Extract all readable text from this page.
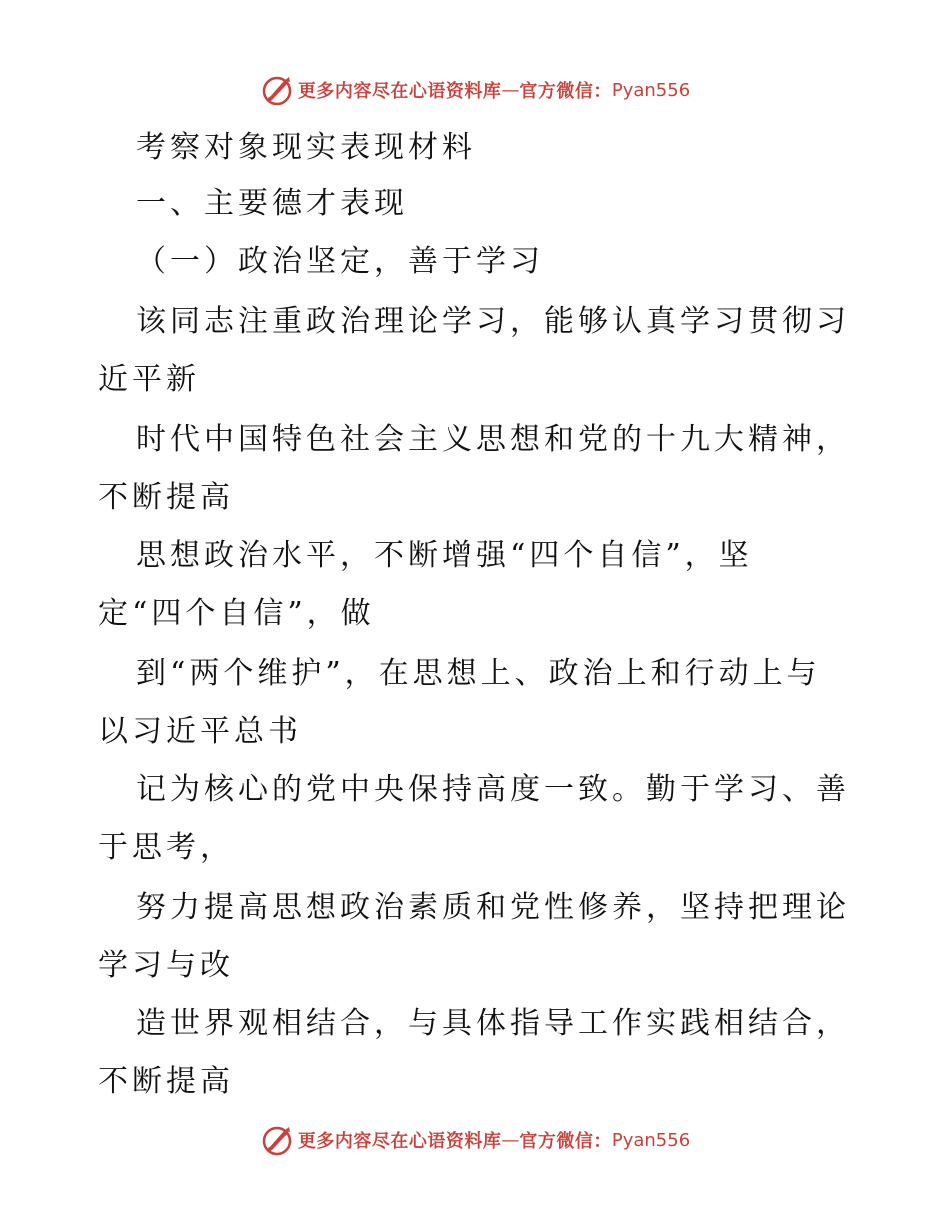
更多内容尽在心语资料库 — 官方微信： Pyan556
考察对象现实表现材料
一、主要德才表现
（一）政治坚定，善于学习
该同志注重政治理论学习，能够认真学习贯彻习
近平新
时代中国特色社会主义思想和党的十九大精神，
不断提高
思想政治水平，不断增强“四个自信”，坚
定“四个自信”，做
到“两个维护”，在思想上、政治上和行动上与
以习近平总书
记为核心的党中央保持高度一致。勤于学习、善
于思考，
努力提高思想政治素质和党性修养，坚持把理论
学习与改
造世界观相结合，与具体指导工作实践相结合，
不断提高
更多内容尽在心语资料库 — 官方微信： Pyan556
